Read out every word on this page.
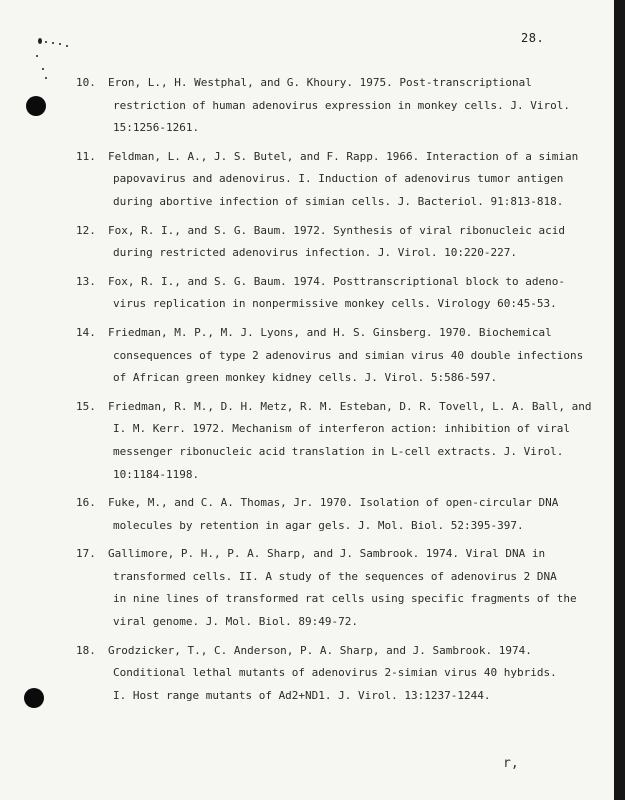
28.
10. Eron, L., H. Westphal, and G. Khoury. 1975. Post-transcriptional
restriction of human adenovirus expression in monkey cells. J. Virol.
15:1256-1261.
11. Feldman, L. A., J. S. Butel, and F. Rapp. 1966. Interaction of a simian
papovavirus and adenovirus. I. Induction of adenovirus tumor antigen
during abortive infection of simian cells. J. Bacteriol. 91:813-818.
12. Fox, R. I., and S. G. Baum. 1972. Synthesis of viral ribonucleic acid
during restricted adenovirus infection. J. Virol. 10:220-227.
13. Fox, R. I., and S. G. Baum. 1974. Posttranscriptional block to adeno-
virus replication in nonpermissive monkey cells. Virology 60:45-53.
14. Friedman, M. P., M. J. Lyons, and H. S. Ginsberg. 1970. Biochemical
consequences of type 2 adenovirus and simian virus 40 double infections
of African green monkey kidney cells. J. Virol. 5:586-597.
15. Friedman, R. M., D. H. Metz, R. M. Esteban, D. R. Tovell, L. A. Ball, and
I. M. Kerr. 1972. Mechanism of interferon action: inhibition of viral
messenger ribonucleic acid translation in L-cell extracts. J. Virol.
10:1184-1198.
16. Fuke, M., and C. A. Thomas, Jr. 1970. Isolation of open-circular DNA
molecules by retention in agar gels. J. Mol. Biol. 52:395-397.
17. Gallimore, P. H., P. A. Sharp, and J. Sambrook. 1974. Viral DNA in
transformed cells. II. A study of the sequences of adenovirus 2 DNA
in nine lines of transformed rat cells using specific fragments of the
viral genome. J. Mol. Biol. 89:49-72.
18. Grodzicker, T., C. Anderson, P. A. Sharp, and J. Sambrook. 1974.
Conditional lethal mutants of adenovirus 2-simian virus 40 hybrids.
I. Host range mutants of Ad2+ND1. J. Virol. 13:1237-1244.
r,
